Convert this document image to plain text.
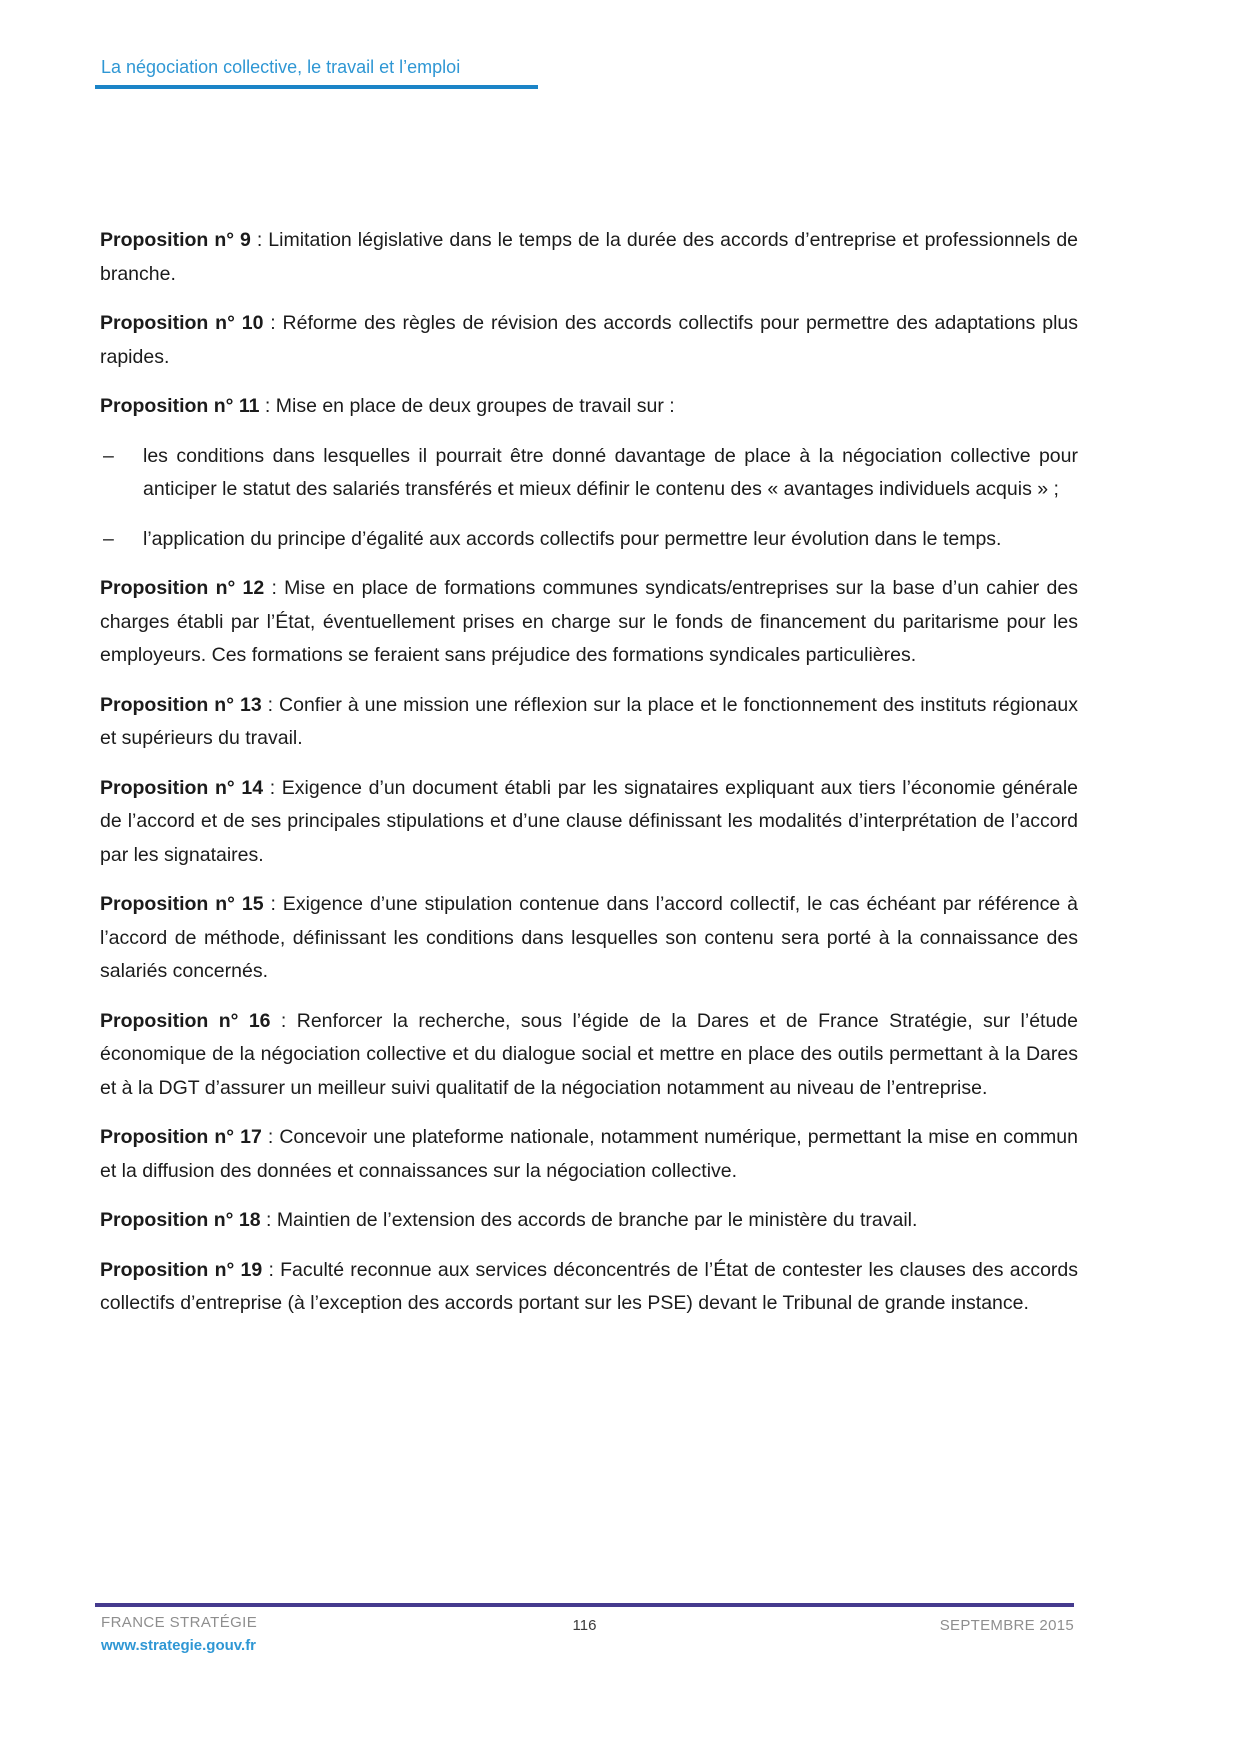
La négociation collective, le travail et l’emploi

Proposition n° 9 : Limitation législative dans le temps de la durée des accords d’entreprise et professionnels de branche.

Proposition n° 10 : Réforme des règles de révision des accords collectifs pour permettre des adaptations plus rapides.

Proposition n° 11 : Mise en place de deux groupes de travail sur :

–	les conditions dans lesquelles il pourrait être donné davantage de place à la négociation collective pour anticiper le statut des salariés transférés et mieux définir le contenu des « avantages individuels acquis » ;
–	l’application du principe d’égalité aux accords collectifs pour permettre leur évolution dans le temps.

Proposition n° 12 : Mise en place de formations communes syndicats/entreprises sur la base d’un cahier des charges établi par l’État, éventuellement prises en charge sur le fonds de financement du paritarisme pour les employeurs. Ces formations se feraient sans préjudice des formations syndicales particulières.

Proposition n° 13 : Confier à une mission une réflexion sur la place et le fonctionnement des instituts régionaux et supérieurs du travail.

Proposition n° 14 : Exigence d’un document établi par les signataires expliquant aux tiers l’économie générale de l’accord et de ses principales stipulations et d’une clause définissant les modalités d’interprétation de l’accord par les signataires.

Proposition n° 15 : Exigence d’une stipulation contenue dans l’accord collectif, le cas échéant par référence à l’accord de méthode, définissant les conditions dans lesquelles son contenu sera porté à la connaissance des salariés concernés.

Proposition n° 16 : Renforcer la recherche, sous l’égide de la Dares et de France Stratégie, sur l’étude économique de la négociation collective et du dialogue social et mettre en place des outils permettant à la Dares et à la DGT d’assurer un meilleur suivi qualitatif de la négociation notamment au niveau de l’entreprise.

Proposition n° 17 : Concevoir une plateforme nationale, notamment numérique, permettant la mise en commun et la diffusion des données et connaissances sur la négociation collective.

Proposition n° 18 : Maintien de l’extension des accords de branche par le ministère du travail.

Proposition n° 19 : Faculté reconnue aux services déconcentrés de l’État de contester les clauses des accords collectifs d’entreprise (à l’exception des accords portant sur les PSE) devant le Tribunal de grande instance.

FRANCE STRATÉGIE
www.strategie.gouv.fr
116	SEPTEMBRE 2015
